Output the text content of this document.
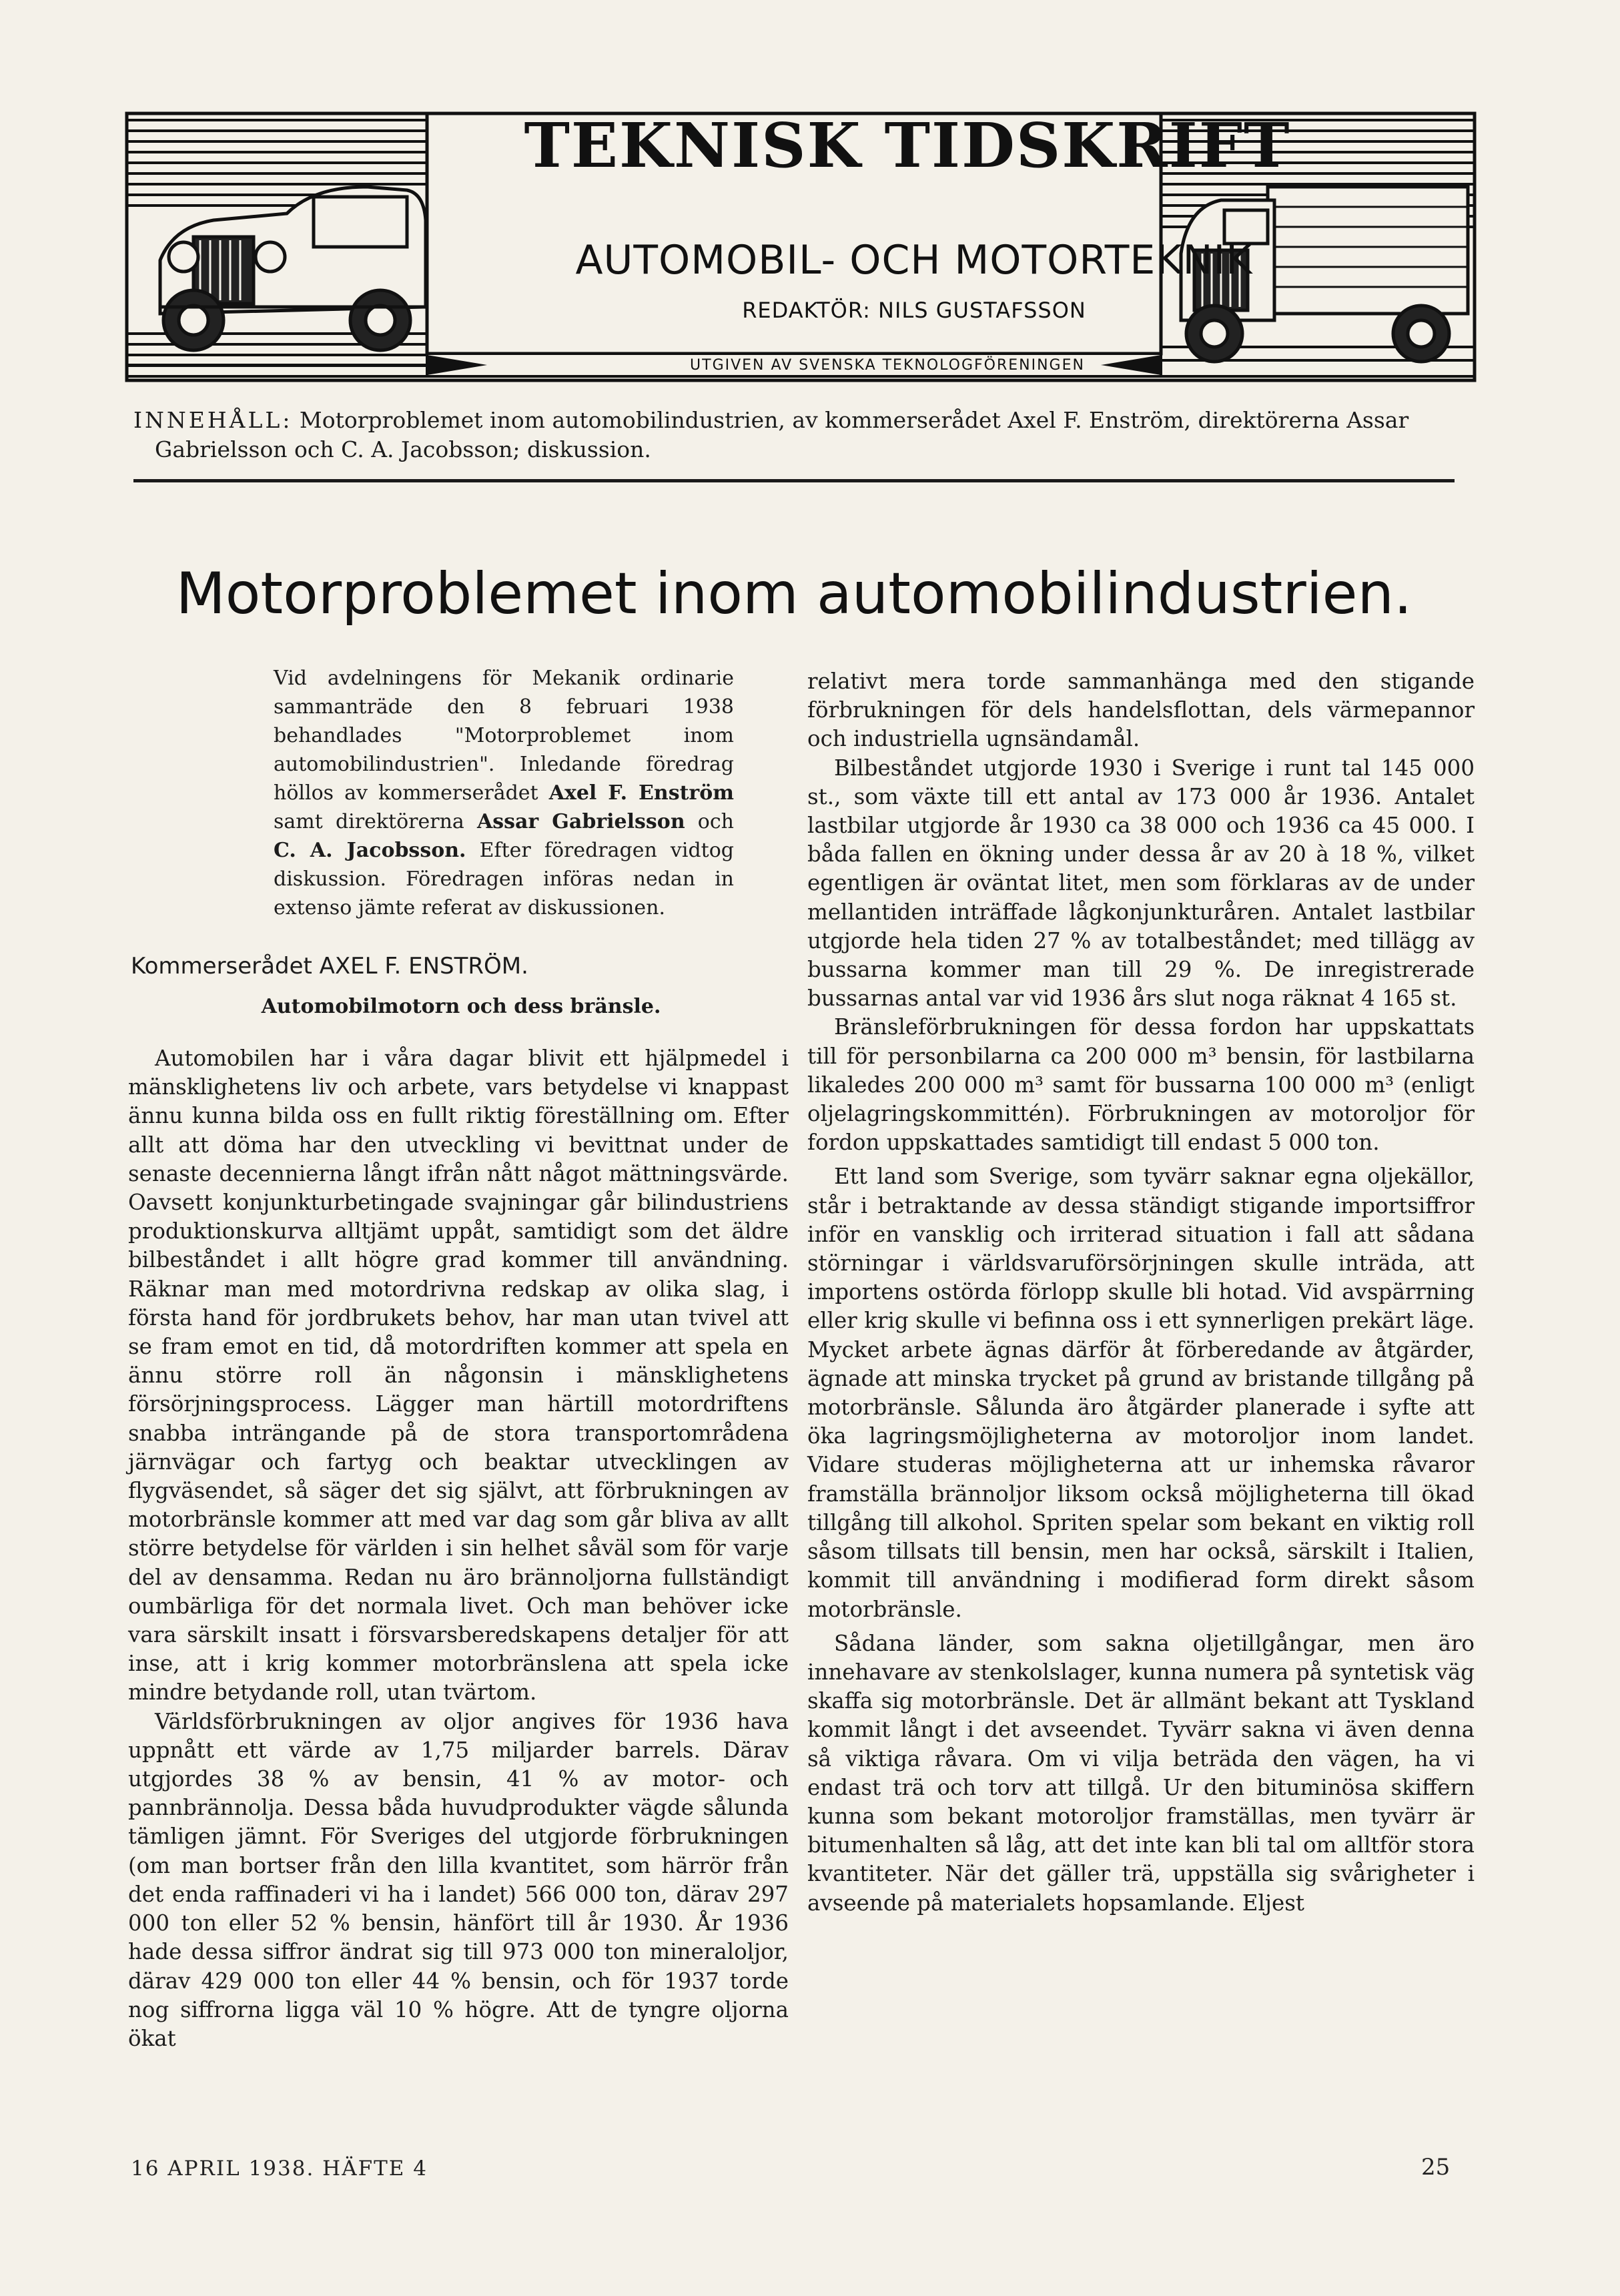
TEKNISK TIDSKRIFT
AUTOMOBIL- OCH MOTORTEKNIK
REDAKTÖR: NILS GUSTAFSSON
UTGIVEN AV SVENSKA TEKNOLOGFÖRENINGEN
INNEHÅLL: Motorproblemet inom automobilindustrien, av kommerserådet Axel F. Enström, direktörerna Assar
Gabrielsson och C. A. Jacobsson; diskussion.
Motorproblemet inom automobilindustrien.
Vid avdelningens för Mekanik ordinarie sammanträde den 8 februari 1938 behandlades "Motorproblemet inom automobilindustrien". Inledande föredrag höllos av kommerserådet Axel F. Enström samt direktörerna Assar Gabrielsson och C. A. Jacobsson. Efter föredragen vidtog diskussion. Föredragen införas nedan in extenso jämte referat av diskussionen.
Kommerserådet AXEL F. ENSTRÖM.
Automobilmotorn och dess bränsle.

Automobilen har i våra dagar blivit ett hjälpmedel i mänsklighetens liv och arbete, vars betydelse vi knappast ännu kunna bilda oss en fullt riktig föreställning om. Efter allt att döma har den utveckling vi bevittnat under de senaste decennierna långt ifrån nått något mättningsvärde. Oavsett konjunkturbetingade svajningar går bilindustriens produktionskurva alltjämt uppåt, samtidigt som det äldre bilbeståndet i allt högre grad kommer till användning. Räknar man med motordrivna redskap av olika slag, i första hand för jordbrukets behov, har man utan tvivel att se fram emot en tid, då motordriften kommer att spela en ännu större roll än någonsin i mänsklighetens försörjningsprocess. Lägger man härtill motordriftens snabba inträngande på de stora transportområdena järnvägar och fartyg och beaktar utvecklingen av flygväsendet, så säger det sig självt, att förbrukningen av motorbränsle kommer att med var dag som går bliva av allt större betydelse för världen i sin helhet såväl som för varje del av densamma. Redan nu äro brännoljorna fullständigt oumbärliga för det normala livet. Och man behöver icke vara särskilt insatt i försvarsberedskapens detaljer för att inse, att i krig kommer motorbränslena att spela icke mindre betydande roll, utan tvärtom.

Världsförbrukningen av oljor angives för 1936 hava uppnått ett värde av 1,75 miljarder barrels. Därav utgjordes 38 % av bensin, 41 % av motor- och pannbrännolja. Dessa båda huvudprodukter vägde sålunda tämligen jämnt. För Sveriges del utgjorde förbrukningen (om man bortser från den lilla kvantitet, som härrör från det enda raffinaderi vi ha i landet) 566 000 ton, därav 297 000 ton eller 52 % bensin, hänfört till år 1930. År 1936 hade dessa siffror ändrat sig till 973 000 ton mineraloljor, därav 429 000 ton eller 44 % bensin, och för 1937 torde nog siffrorna ligga väl 10 % högre. Att de tyngre oljorna ökat

relativt mera torde sammanhänga med den stigande förbrukningen för dels handelsflottan, dels värmepannor och industriella ugnsändamål.

Bilbeståndet utgjorde 1930 i Sverige i runt tal 145 000 st., som växte till ett antal av 173 000 år 1936. Antalet lastbilar utgjorde år 1930 ca 38 000 och 1936 ca 45 000. I båda fallen en ökning under dessa år av 20 à 18 %, vilket egentligen är oväntat litet, men som förklaras av de under mellantiden inträffade lågkonjunkturåren. Antalet lastbilar utgjorde hela tiden 27 % av totalbeståndet; med tillägg av bussarna kommer man till 29 %. De inregistrerade bussarnas antal var vid 1936 års slut noga räknat 4 165 st.

Bränsleförbrukningen för dessa fordon har uppskattats till för personbilarna ca 200 000 m³ bensin, för lastbilarna likaledes 200 000 m³ samt för bussarna 100 000 m³ (enligt oljelagringskommittén). Förbrukningen av motoroljor för fordon uppskattades samtidigt till endast 5 000 ton.

Ett land som Sverige, som tyvärr saknar egna oljekällor, står i betraktande av dessa ständigt stigande importsiffror inför en vansklig och irriterad situation i fall att sådana störningar i världsvaruförsörjningen skulle inträda, att importens ostörda förlopp skulle bli hotad. Vid avspärrning eller krig skulle vi befinna oss i ett synnerligen prekärt läge. Mycket arbete ägnas därför åt förberedande av åtgärder, ägnade att minska trycket på grund av bristande tillgång på motorbränsle. Sålunda äro åtgärder planerade i syfte att öka lagringsmöjligheterna av motoroljor inom landet. Vidare studeras möjligheterna att ur inhemska råvaror framställa brännoljor liksom också möjligheterna till ökad tillgång till alkohol. Spriten spelar som bekant en viktig roll såsom tillsats till bensin, men har också, särskilt i Italien, kommit till användning i modifierad form direkt såsom motorbränsle.

Sådana länder, som sakna oljetillgångar, men äro innehavare av stenkolslager, kunna numera på syntetisk väg skaffa sig motorbränsle. Det är allmänt bekant att Tyskland kommit långt i det avseendet. Tyvärr sakna vi även denna så viktiga råvara. Om vi vilja beträda den vägen, ha vi endast trä och torv att tillgå. Ur den bituminösa skiffern kunna som bekant motoroljor framställas, men tyvärr är bitumenhalten så låg, att det inte kan bli tal om alltför stora kvantiteter. När det gäller trä, uppställa sig svårigheter i avseende på materialets hopsamlande. Eljest

16 APRIL 1938. HÄFTE 4	25
